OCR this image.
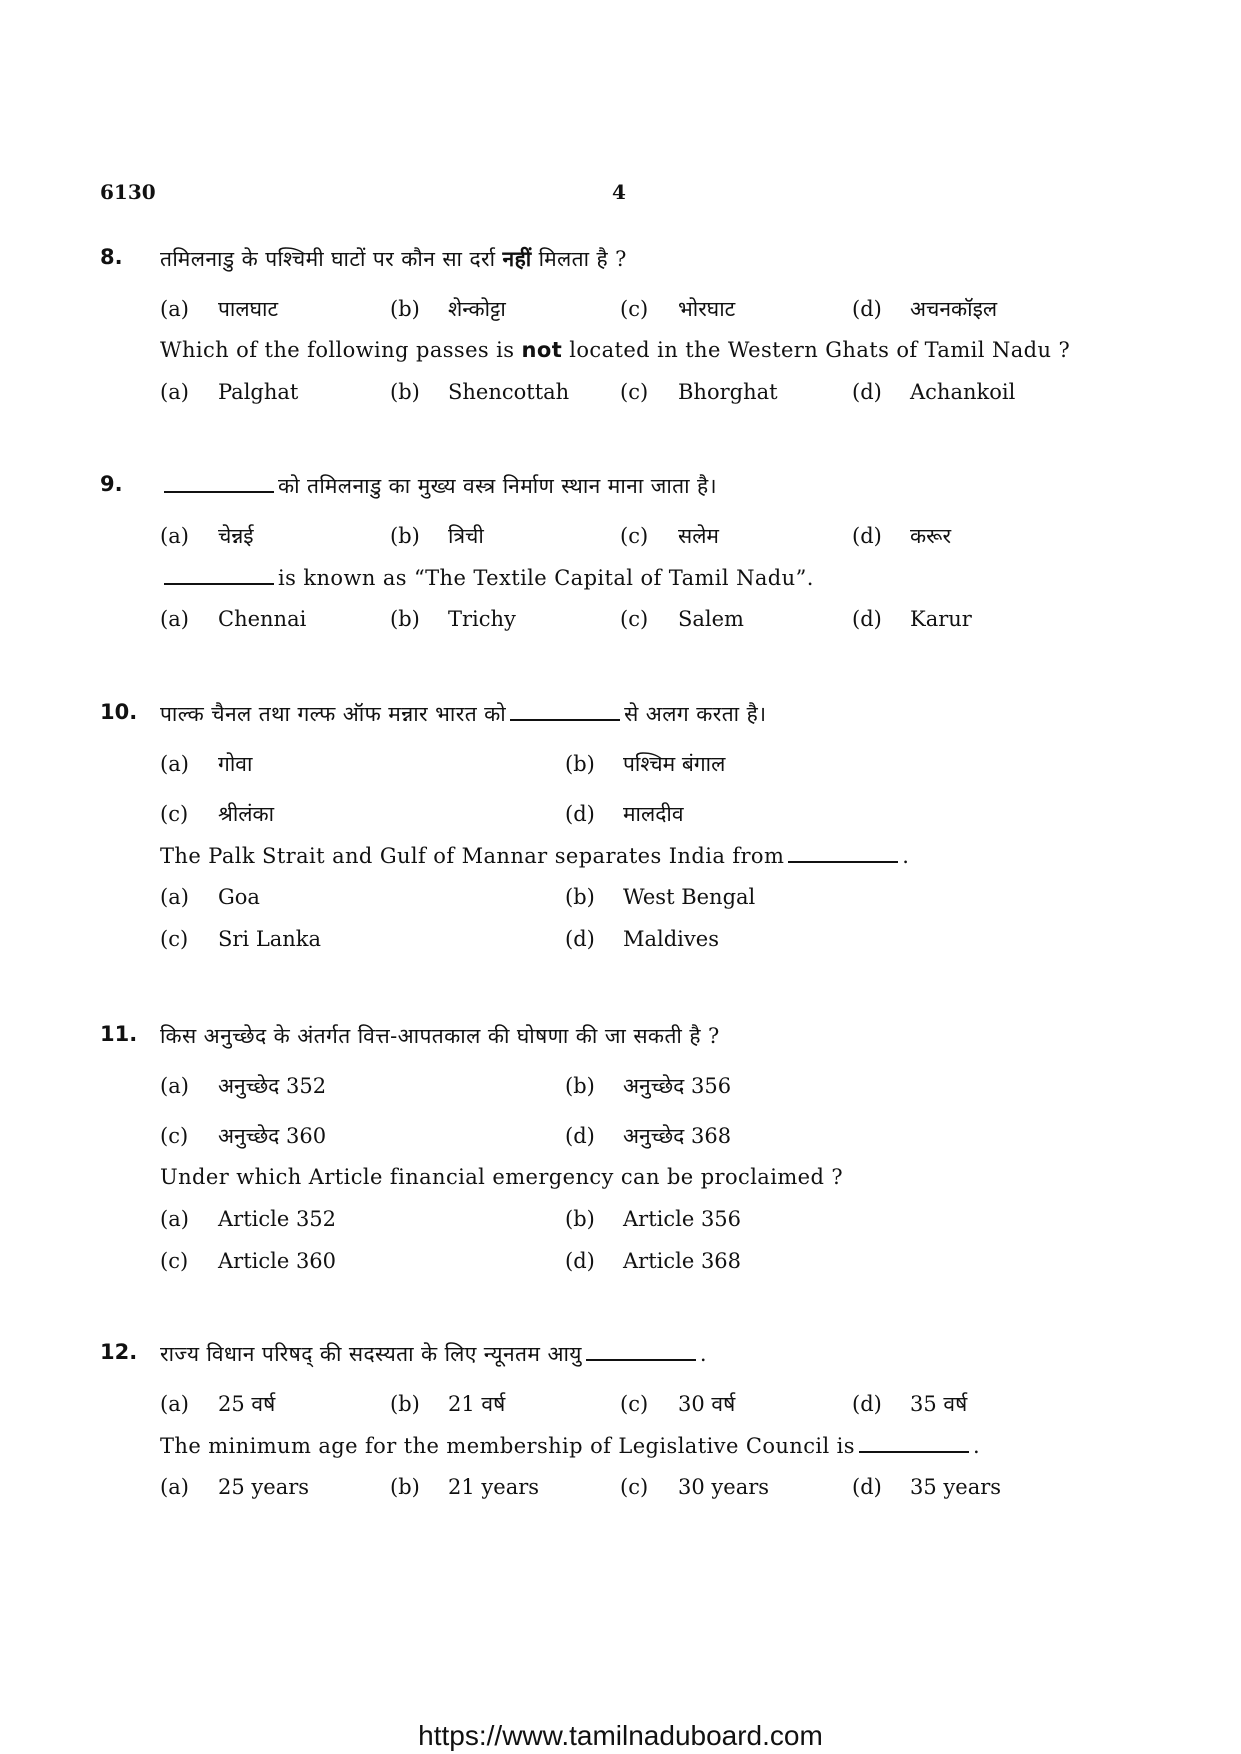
6130	4
8. तमिलनाडु के पश्चिमी घाटों पर कौन सा दर्रा नहीं मिलता है ?
(a) पालघाट	(b) शेन्कोट्टा	(c) भोरघाट	(d) अचनकॉइल
Which of the following passes is not located in the Western Ghats of Tamil Nadu ?
(a) Palghat	(b) Shencottah (c) Bhorghat	(d) Achankoil
9.	को तमिलनाडु का मुख्य वस्त्र निर्माण स्थान माना जाता है।
(a) चेन्नई	(b) त्रिची	(c) सलेम	(d) करूर
is known as “The Textile Capital of Tamil Nadu”.
(a) Chennai	(b) Trichy	(c) Salem	(d) Karur
10. पाल्क चैनल तथा गल्फ ऑफ मन्नार भारत को	से अलग करता है।
(a) गोवा	(b) पश्चिम बंगाल
(c) श्रीलंका	(d) मालदीव
The Palk Strait and Gulf of Mannar separates India from	.
(a) Goa	(b) West Bengal
(c) Sri Lanka	(d) Maldives
11. किस अनुच्छेद के अंतर्गत वित्त-आपतकाल की घोषणा की जा सकती है ?
(a) अनुच्छेद 352	(b) अनुच्छेद 356
(c) अनुच्छेद 360	(d) अनुच्छेद 368
Under which Article financial emergency can be proclaimed ?
(a) Article 352	(b) Article 356
(c) Article 360	(d) Article 368
12. राज्य विधान परिषद् की सदस्यता के लिए न्यूनतम आयु	.
(a) 25 वर्ष	(b) 21 वर्ष	(c) 30 वर्ष	(d) 35 वर्ष
The minimum age for the membership of Legislative Council is	.
(a) 25 years	(b) 21 years	(c) 30 years	(d) 35 years
https://www.tamilnaduboard.com
